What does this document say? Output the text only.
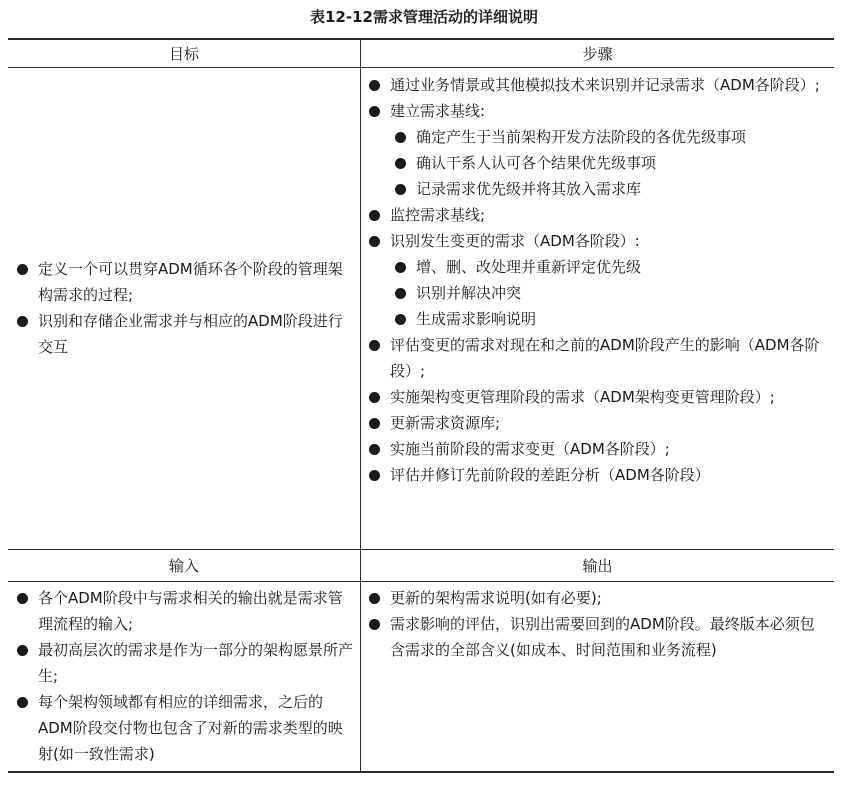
表12-12需求管理活动的详细说明
目标	步骤
输入	输出
定义一个可以贯穿ADM循环各个阶段的管理架构需求的过程;
识别和存储企业需求并与相应的ADM阶段进行交互
通过业务情景或其他模拟技术来识别并记录需求（ADM各阶段）;
建立需求基线:
确定产生于当前架构开发方法阶段的各优先级事项
确认干系人认可各个结果优先级事项
记录需求优先级并将其放入需求库
监控需求基线;
识别发生变更的需求（ADM各阶段）:
增、删、改处理并重新评定优先级
识别并解决冲突
生成需求影响说明
评估变更的需求对现在和之前的ADM阶段产生的影响（ADM各阶段）;
实施架构变更管理阶段的需求（ADM架构变更管理阶段）;
更新需求资源库;
实施当前阶段的需求变更（ADM各阶段）;
评估并修订先前阶段的差距分析（ADM各阶段）
各个ADM阶段中与需求相关的输出就是需求管理流程的输入;
最初高层次的需求是作为一部分的架构愿景所产生;
每个架构领域都有相应的详细需求，之后的ADM阶段交付物也包含了对新的需求类型的映射(如一致性需求)
更新的架构需求说明(如有必要);
需求影响的评估，识别出需要回到的ADM阶段。最终版本必须包含需求的全部含义(如成本、时间范围和业务流程)
